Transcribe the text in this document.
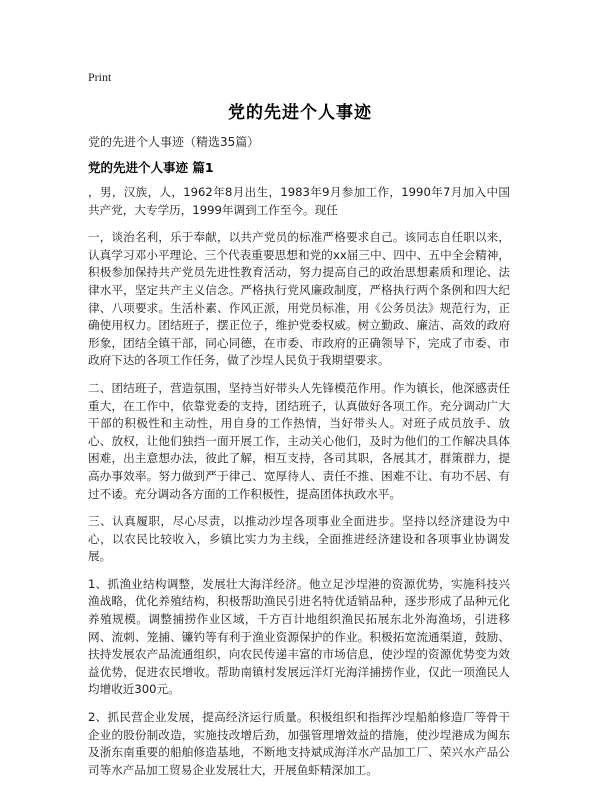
Print
党的先进个人事迹
党的先进个人事迹（精选35篇）
党的先进个人事迹 篇1

，男，汉族，人，1962年8月出生，1983年9月参加工作，1990年7月加入中国共产党，大专学历，1999年调到工作至今。现任

一，谈治名利，乐于奉献，以共产党员的标准严格要求自己。该同志自任职以来，认真学习邓小平理论、三个代表重要思想和党的xx届三中、四中、五中全会精神，积极参加保持共产党员先进性教育活动，努力提高自己的政治思想素质和理论、法律水平，坚定共产主义信念。严格执行党风廉政制度，严格执行两个条例和四大纪律、八项要求。生活朴素、作风正派，用党员标准，用《公务员法》规范行为，正确使用权力。团结班子，摆正位子，维护党委权威。树立勤政、廉洁、高效的政府形象，团结全镇干部，同心同德，在市委、市政府的正确领导下，完成了市委、市政府下达的各项工作任务，做了沙埕人民负于我期望要求。

二、团结班子，营造氛围，坚持当好带头人先锋模范作用。作为镇长，他深感责任重大，在工作中，依靠党委的支持，团结班子，认真做好各项工作。充分调动广大干部的积极性和主动性，用自身的工作热情，当好带头人。对班子成员放手、放心、放权，让他们独挡一面开展工作，主动关心他们，及时为他们的工作解决具体困难，出主意想办法，彼此了解，相互支持，各司其职，各展其才，群策群力，提高办事效率。努力做到严于律己、宽厚待人、责任不推、困难不让、有功不居、有过不诿。充分调动各方面的工作积极性，提高团体执政水平。

三、认真履职，尽心尽责，以推动沙埕各项事业全面进步。坚持以经济建设为中心，以农民比较收入，乡镇比实力为主线，全面推进经济建设和各项事业协调发展。

1、抓渔业结构调整，发展壮大海洋经济。他立足沙埕港的资源优势，实施科技兴渔战略，优化养殖结构，积极帮助渔民引进名特优适销品种，逐步形成了品种元化养殖规模。调整捕捞作业区域，千方百计地组织渔民拓展东北外海渔场，引进移网、流刺、笼捕、镰钓等有利于渔业资源保护的作业。积极拓宽流通渠道，鼓励、扶持发展农产品流通组织，向农民传递丰富的市场信息，使沙埕的资源优势变为效益优势，促进农民增收。帮助南镇村发展远洋灯光海洋捕捞作业，仅此一项渔民人均增收近300元。

2、抓民营企业发展，提高经济运行质量。积极组织和指挥沙埕船舶修造厂等骨干企业的股份制改造，实施技改增后劲，加强管理增效益的措施，使沙埕港成为闽东及浙东南重要的船舶修造基地，不断地支持斌成海洋水产品加工厂、荣兴水产品公司等水产品加工贸易企业发展壮大，开展鱼虾精深加工。
